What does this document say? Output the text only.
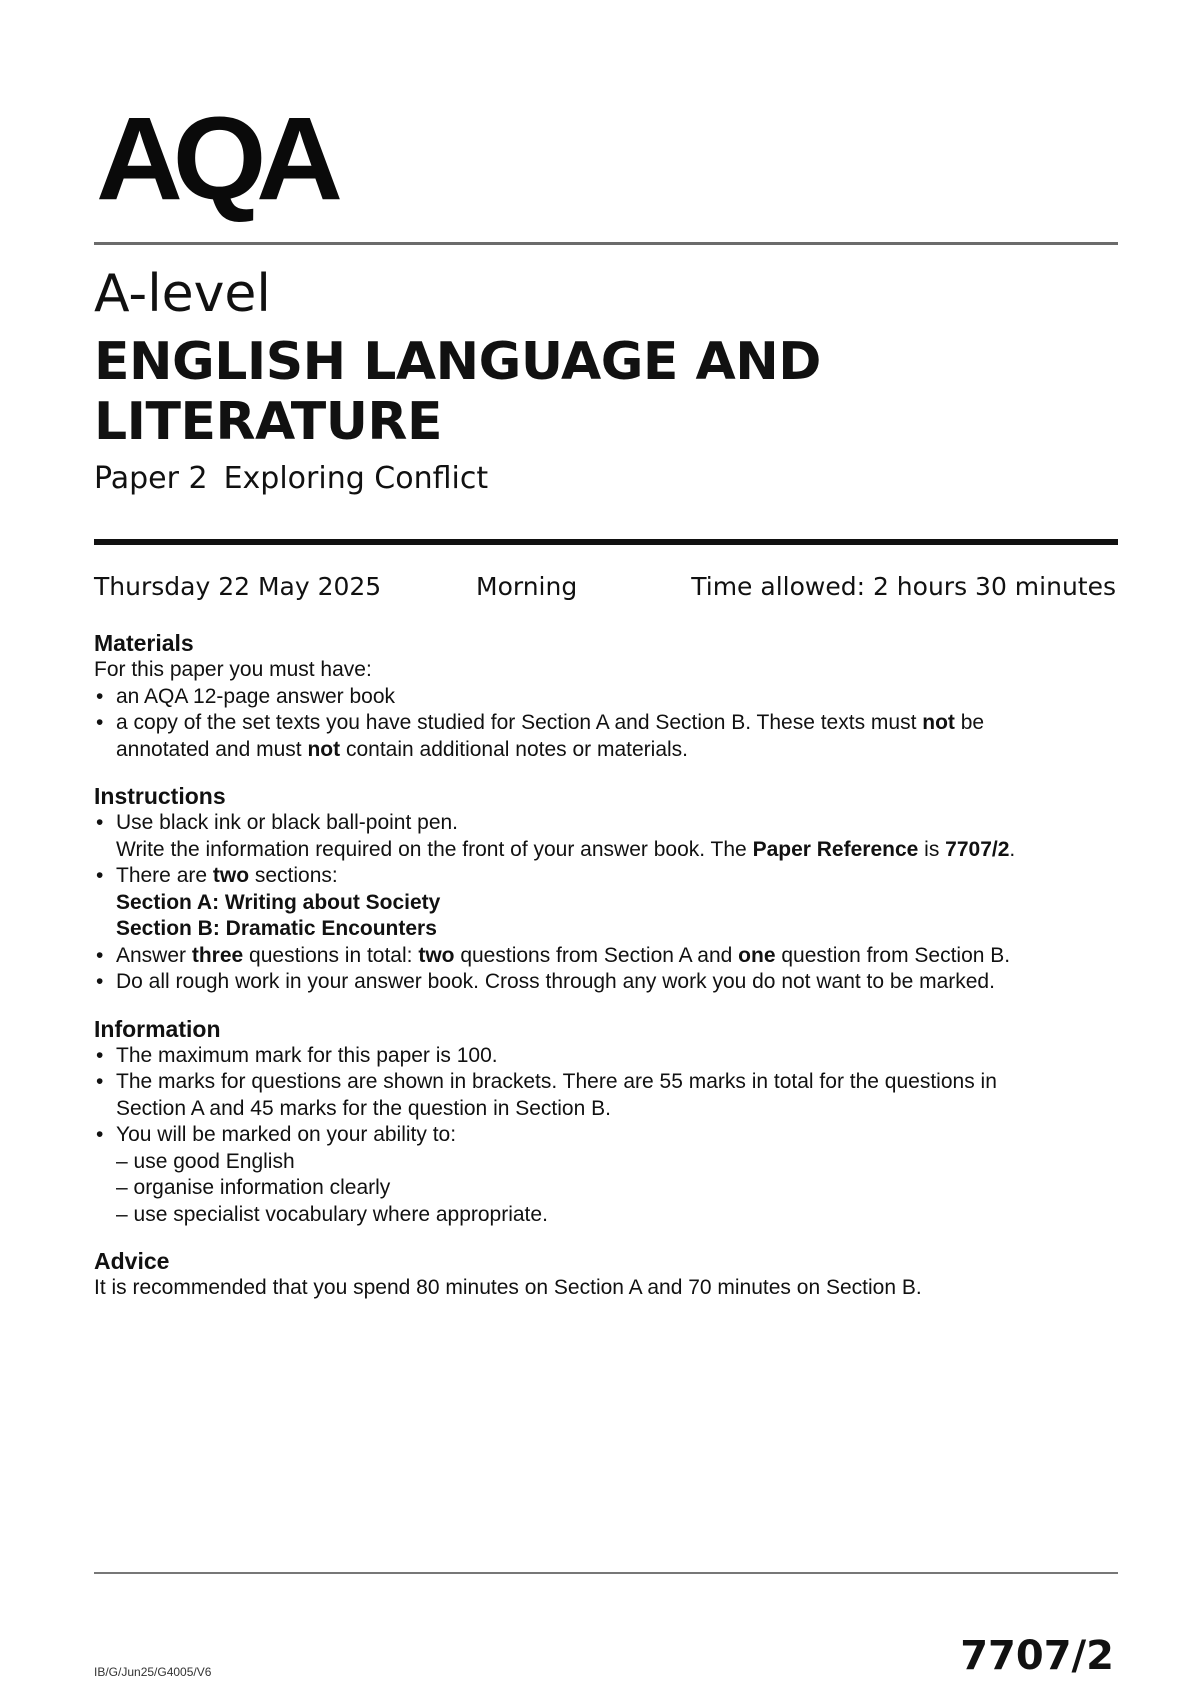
AQA
A-level
ENGLISH LANGUAGE AND
LITERATURE
Paper 2 Exploring Conflict
Thursday 22 May 2025	Morning	Time allowed: 2 hours 30 minutes
Materials

For this paper you must have:

• an AQA 12-page answer book
• a copy of the set texts you have studied for Section A and Section B. These texts must not be
annotated and must not contain additional notes or materials.
Instructions
• Use black ink or black ball-point pen.
Write the information required on the front of your answer book. The Paper Reference is 7707/2.
• There are two sections:
Section A: Writing about Society
Section B: Dramatic Encounters
• Answer three questions in total: two questions from Section A and one question from Section B.
• Do all rough work in your answer book. Cross through any work you do not want to be marked.
Information
• The maximum mark for this paper is 100.
• The marks for questions are shown in brackets. There are 55 marks in total for the questions in
Section A and 45 marks for the question in Section B.
• You will be marked on your ability to:
– use good English
– organise information clearly
– use specialist vocabulary where appropriate.
Advice

It is recommended that you spend 80 minutes on Section A and 70 minutes on Section B.

IB/G/Jun25/G4005/V6	7707/2
